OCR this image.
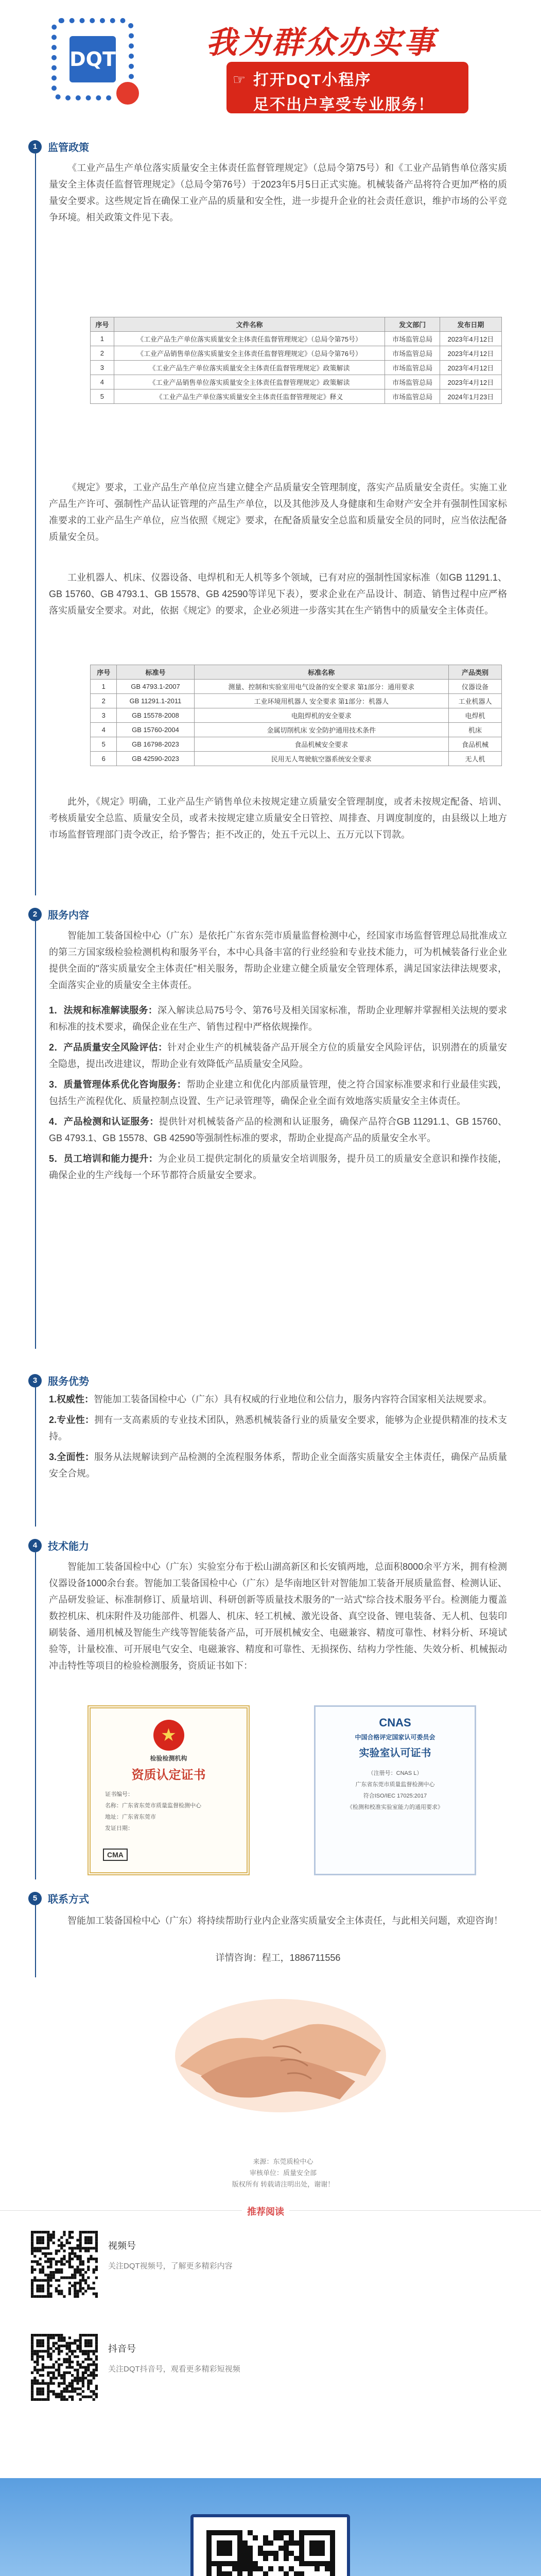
DQT	我为群众办实事
☞ 打开DQT小程序
足不出户享受专业服务！
1	监管政策

《工业产品生产单位落实质量安全主体责任监督管理规定》（总局令第75号）和《工业产品销售单位落实质量安全主体责任监督管理规定》（总局令第76号）于2023年5月5日正式实施。机械装备产品将符合更加严格的质量安全要求。这些规定旨在确保工业产品的质量和安全性，进一步提升企业的社会责任意识，维护市场的公平竞争环境。相关政策文件见下表。

序号	文件名称	发文部门	发布日期
1	《工业产品生产单位落实质量安全主体责任监督管理规定》（总局令第75号）	市场监管总局	2023年4月12日
2	《工业产品销售单位落实质量安全主体责任监督管理规定》（总局令第76号）	市场监管总局	2023年4月12日
3	《工业产品生产单位落实质量安全主体责任监督管理规定》政策解读	市场监管总局	2023年4月12日
4	《工业产品销售单位落实质量安全主体责任监督管理规定》政策解读	市场监管总局	2023年4月12日
5	《工业产品生产单位落实质量安全主体责任监督管理规定》释义	市场监管总局	2024年1月23日

《规定》要求，工业产品生产单位应当建立健全产品质量安全管理制度，落实产品质量安全责任。实施工业产品生产许可、强制性产品认证管理的产品生产单位，以及其他涉及人身健康和生命财产安全并有强制性国家标准要求的工业产品生产单位，应当依照《规定》要求，在配备质量安全总监和质量安全员的同时，应当依法配备质量安全员。

工业机器人、机床、仪器设备、电焊机和无人机等多个领域，已有对应的强制性国家标准（如GB 11291.1、GB 15760、GB 4793.1、GB 15578、GB 42590等详见下表），要求企业在产品设计、制造、销售过程中应严格落实质量安全要求。对此，依据《规定》的要求，企业必须进一步落实其在生产销售中的质量安全主体责任。

序号	标准号	标准名称	产品类别
1	GB 4793.1-2007	测量、控制和实验室用电气设备的安全要求 第1部分：通用要求	仪器设备
2	GB 11291.1-2011	工业环境用机器人 安全要求 第1部分：机器人	工业机器人
3	GB 15578-2008	电阻焊机的安全要求	电焊机
4	GB 15760-2004	金属切削机床 安全防护通用技术条件	机床
5	GB 16798-2023	食品机械安全要求	食品机械
6	GB 42590-2023	民用无人驾驶航空器系统安全要求	无人机

此外，《规定》明确，工业产品生产销售单位未按规定建立质量安全管理制度，或者未按规定配备、培训、考核质量安全总监、质量安全员，或者未按规定建立质量安全日管控、周排查、月调度制度的，由县级以上地方市场监督管理部门责令改正，给予警告；拒不改正的，处五千元以上、五万元以下罚款。

2	服务内容

智能加工装备国检中心（广东）是依托广东省东莞市质量监督检测中心，经国家市场监督管理总局批准成立的第三方国家级检验检测机构和服务平台，本中心具备丰富的行业经验和专业技术能力，可为机械装备行业企业提供全面的"落实质量安全主体责任"相关服务，帮助企业建立健全质量安全管理体系，满足国家法律法规要求，全面落实企业的质量安全主体责任。

1．法规和标准解读服务：深入解读总局75号令、第76号及相关国家标准，帮助企业理解并掌握相关法规的要求和标准的技术要求，确保企业在生产、销售过程中严格依规操作。

2．产品质量安全风险评估：针对企业生产的机械装备产品开展全方位的质量安全风险评估，识别潜在的质量安全隐患，提出改进建议，帮助企业有效降低产品质量安全风险。

3．质量管理体系优化咨询服务：帮助企业建立和优化内部质量管理，使之符合国家标准要求和行业最佳实践，包括生产流程优化、质量控制点设置、生产记录管理等，确保企业全面有效地落实质量安全主体责任。

4．产品检测和认证服务：提供针对机械装备产品的检测和认证服务，确保产品符合GB 11291.1、GB 15760、GB 4793.1、GB 15578、GB 42590等强制性标准的要求，帮助企业提高产品的质量安全水平。

5．员工培训和能力提升：为企业员工提供定制化的质量安全培训服务，提升员工的质量安全意识和操作技能，确保企业的生产线每一个环节都符合质量安全要求。

3	服务优势

1.权威性：智能加工装备国检中心（广东）具有权威的行业地位和公信力，服务内容符合国家相关法规要求。

2.专业性：拥有一支高素质的专业技术团队，熟悉机械装备行业的质量安全要求，能够为企业提供精准的技术支持。

3.全面性：服务从法规解读到产品检测的全流程服务体系，帮助企业全面落实质量安全主体责任，确保产品质量安全合规。

4	技术能力

智能加工装备国检中心（广东）实验室分布于松山湖高新区和长安镇两地，总面积8000余平方米，拥有检测仪器设备1000余台套。智能加工装备国检中心（广东）是华南地区针对智能加工装备开展质量监督、检测认证、产品研发验证、标准制修订、质量培训、科研创新等质量技术服务的"一站式"综合技术服务平台。检测能力覆盖数控机床、机床附件及功能部件、机器人、机床、轻工机械、激光设备、真空设备、锂电装备、无人机、包装印刷装备、通用机械及智能生产线等智能装备产品，可开展机械安全、电磁兼容、精度可靠性、材料分析、环境试验等，计量校准、可开展电气安全、电磁兼容、精度和可靠性、无损探伤、结构力学性能、失效分析、机械振动冲击特性等项目的检验检测服务，资质证书如下：

★
检验检测机构
资质认定证书
证书编号：
名称：广东省东莞市质量监督检测中心
地址：广东省东莞市
发证日期：
CMA
CNAS
中国合格评定国家认可委员会
实验室认可证书
（注册号：CNAS L）
广东省东莞市质量监督检测中心
符合ISO/IEC 17025:2017
《检测和校准实验室能力的通用要求》
5	联系方式

智能加工装备国检中心（广东）将持续帮助行业内企业落实质量安全主体责任，与此相关问题，欢迎咨询！

详情咨询：程工，1886711556

来源：东莞质检中心
审核单位：质量安全部
版权所有 转载请注明出处，谢谢！
推荐阅读
视频号
关注DQT视频号，了解更多精彩内容
抖音号
关注DQT抖音号，观看更多精彩短视频
